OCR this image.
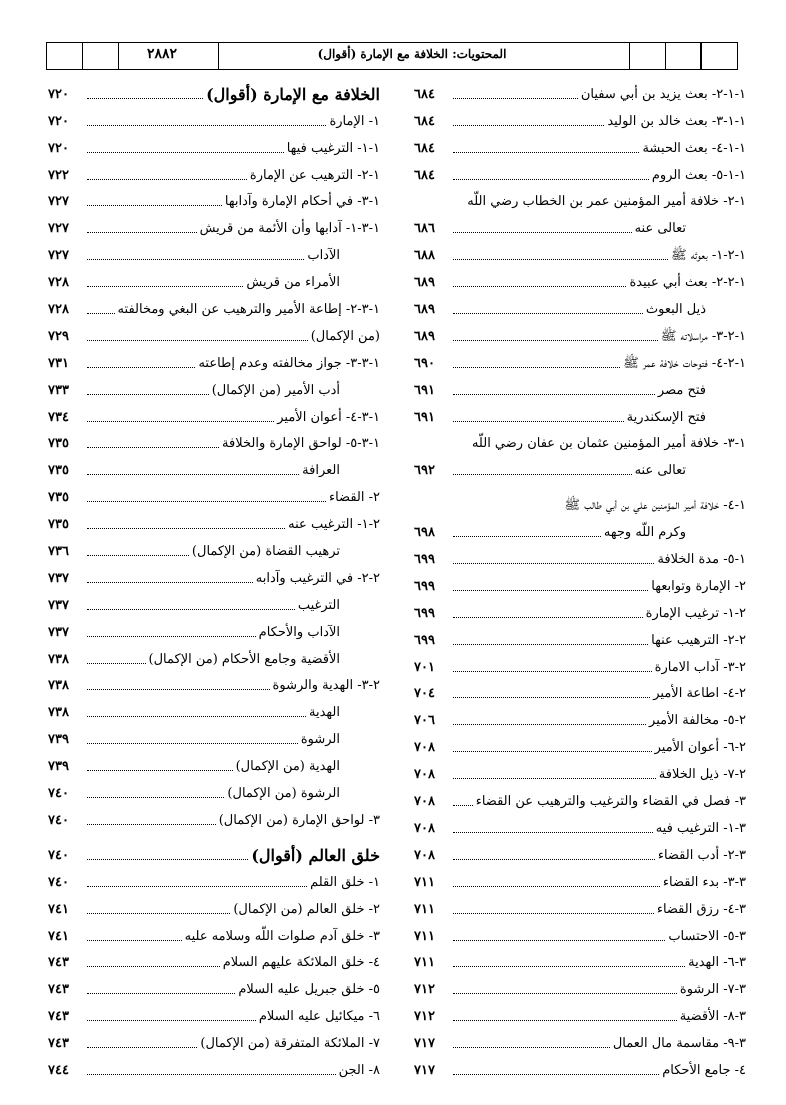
المحتويات: الخلافة مع الإمارة (أقوال)
٢٨٨٢
١-١-٢- بعث يزيد بن أبي سفيان
٦٨٤
١-١-٣- بعث خالد بن الوليد
٦٨٤
١-١-٤- بعث الحبشة
٦٨٤
١-١-٥- بعث الروم
٦٨٤
١-٢- خلافة أمير المؤمنين عمر بن الخطاب رضي اللّه
تعالى عنه
٦٨٦
١-٢-١- بعوثه ﷺ
٦٨٨
١-٢-٢- بعث أبي عبيدة
٦٨٩
ذيل البعوث
٦٨٩
١-٢-٣- مراسلاته ﷺ
٦٨٩
١-٢-٤- فتوحات خلافة عمر ﷺ
٦٩٠
فتح مصر
٦٩١
فتح الإسكندرية
٦٩١
١-٣- خلافة أمير المؤمنين عثمان بن عفان رضي اللّه
تعالى عنه
٦٩٢
١-٤- خلافة أمير المؤمنين علي بن أبي طالب ﷺ
وكرم اللّه وجهه
٦٩٨
١-٥- مدة الخلافة
٦٩٩
٢- الإمارة وتوابعها
٦٩٩
٢-١- ترغيب الإمارة
٦٩٩
٢-٢- الترهيب عنها
٦٩٩
٢-٣- آداب الامارة
٧٠١
٢-٤- اطاعة الأمير
٧٠٤
٢-٥- مخالفة الأمير
٧٠٦
٢-٦- أعوان الأمير
٧٠٨
٢-٧- ذيل الخلافة
٧٠٨
٣- فصل في القضاء والترغيب والترهيب عن القضاء
٧٠٨
٣-١- الترغيب فيه
٧٠٨
٣-٢- أدب القضاء
٧٠٨
٣-٣- بدء القضاء
٧١١
٣-٤- رزق القضاء
٧١١
٣-٥- الاحتساب
٧١١
٣-٦- الهدية
٧١١
٣-٧- الرشوة
٧١٢
٣-٨- الأقضية
٧١٢
٣-٩- مقاسمة مال العمال
٧١٧
٤- جامع الأحكام
٧١٧
الخلافة مع الإمارة (أقوال)
٧٢٠
١- الإمارة
٧٢٠
١-١- الترغيب فيها
٧٢٠
١-٢- الترهيب عن الإمارة
٧٢٢
١-٣- في أحكام الإمارة وآدابها
٧٢٧
١-٣-١- آدابها وأن الأئمة من قريش
٧٢٧
الآداب
٧٢٧
الأمراء من قريش
٧٢٨
١-٣-٢- إطاعة الأمير والترهيب عن البغي ومخالفته
٧٢٨
(من الإكمال)
٧٢٩
١-٣-٣- جواز مخالفته وعدم إطاعته
٧٣١
أدب الأمير (من الإكمال)
٧٣٣
١-٣-٤- أعوان الأمير
٧٣٤
١-٣-٥- لواحق الإمارة والخلافة
٧٣٥
العرافة
٧٣٥
٢- القضاء
٧٣٥
٢-١- الترغيب عنه
٧٣٥
ترهيب القضاة (من الإكمال)
٧٣٦
٢-٢- في الترغيب وآدابه
٧٣٧
الترغيب
٧٣٧
الآداب والأحكام
٧٣٧
الأقضية وجامع الأحكام (من الإكمال)
٧٣٨
٢-٣- الهدية والرشوة
٧٣٨
الهدية
٧٣٨
الرشوة
٧٣٩
الهدية (من الإكمال)
٧٣٩
الرشوة (من الإكمال)
٧٤٠
٣- لواحق الإمارة (من الإكمال)
٧٤٠
خلق العالم (أقوال)
٧٤٠
١- خلق القلم
٧٤٠
٢- خلق العالم (من الإكمال)
٧٤١
٣- خلق آدم صلوات اللّه وسلامه عليه
٧٤١
٤- خلق الملائكة عليهم السلام
٧٤٣
٥- خلق جبريل عليه السلام
٧٤٣
٦- ميكائيل عليه السلام
٧٤٣
٧- الملائكة المتفرقة (من الإكمال)
٧٤٣
٨- الجن
٧٤٤
